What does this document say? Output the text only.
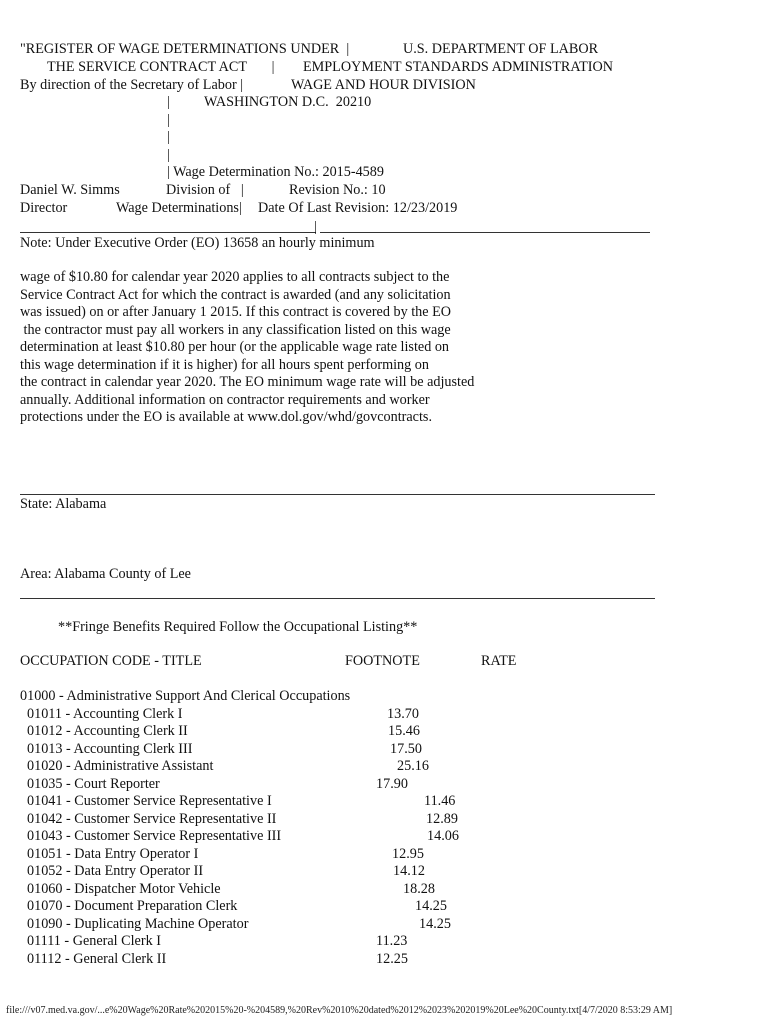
"REGISTER OF WAGE DETERMINATIONS UNDER  |	U.S. DEPARTMENT OF LABOR
THE SERVICE CONTRACT ACT       | EMPLOYMENT STANDARDS ADMINISTRATION
By direction of the Secretary of Labor |	WAGE AND HOUR DIVISION
| WASHINGTON D.C.  20210
|
|
|
| Wage Determination No.: 2015-4589
Daniel W. Simms	Division of   |	Revision No.: 10
Director	Wage Determinations| Date Of Last Revision: 12/23/2019
|
Note: Under Executive Order (EO) 13658 an hourly minimum
wage of $10.80 for calendar year 2020 applies to all contracts subject to the
Service Contract Act for which the contract is awarded (and any solicitation
was issued) on or after January 1 2015. If this contract is covered by the EO
the contractor must pay all workers in any classification listed on this wage
determination at least $10.80 per hour (or the applicable wage rate listed on
this wage determination if it is higher) for all hours spent performing on
the contract in calendar year 2020. The EO minimum wage rate will be adjusted
annually. Additional information on contractor requirements and worker
protections under the EO is available at www.dol.gov/whd/govcontracts.
State: Alabama
Area: Alabama County of Lee
**Fringe Benefits Required Follow the Occupational Listing**
OCCUPATION CODE - TITLE	FOOTNOTE	RATE
01000 - Administrative Support And Clerical Occupations
01011 - Accounting Clerk I	13.70
01012 - Accounting Clerk II	15.46
01013 - Accounting Clerk III	17.50
01020 - Administrative Assistant	25.16
01035 - Court Reporter	17.90
01041 - Customer Service Representative I	11.46
01042 - Customer Service Representative II	12.89
01043 - Customer Service Representative III	14.06
01051 - Data Entry Operator I	12.95
01052 - Data Entry Operator II	14.12
01060 - Dispatcher Motor Vehicle	18.28
01070 - Document Preparation Clerk	14.25
01090 - Duplicating Machine Operator	14.25
01111 - General Clerk I	11.23
01112 - General Clerk II	12.25
file:///v07.med.va.gov/...e%20Wage%20Rate%202015%20-%204589,%20Rev%2010%20dated%2012%2023%202019%20Lee%20County.txt[4/7/2020 8:53:29 AM]
